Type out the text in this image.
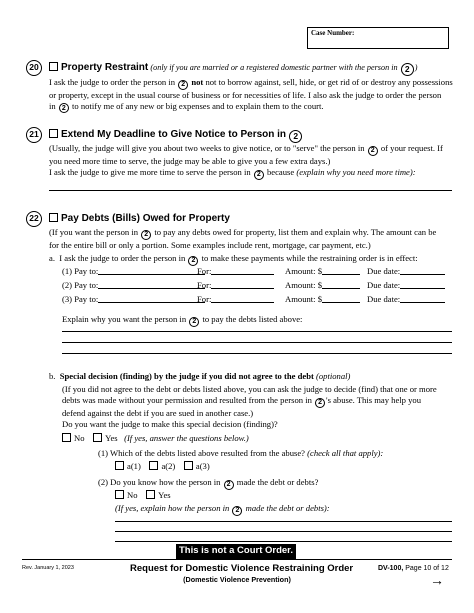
Case Number:
20	Property Restraint (only if you are married or a registered domestic partner with the person in 2 )
I ask the judge to order the person in 2 not not to borrow against, sell, hide, or get rid of or destroy any possessions
or property, except in the usual course of business or for necessities of life. I also ask the judge to order the person
in 2 to notify me of any new or big expenses and to explain them to the court.
21	Extend My Deadline to Give Notice to Person in 2
(Usually, the judge will give you about two weeks to give notice, or to "serve" the person in 2 of your request. If
you need more time to serve, the judge may be able to give you a few extra days.)
I ask the judge to give me more time to serve the person in 2 because (explain why you need more time):
22	Pay Debts (Bills) Owed for Property
(If you want the person in 2 to pay any debts owed for property, list them and explain why. The amount can be
for the entire bill or only a portion. Some examples include rent, mortgage, car payment, etc.)
a. I ask the judge to order the person in 2 to make these payments while the restraining order is in effect:
(1) Pay to:	For:	Amount: $	Due date:
(2) Pay to:	For:	Amount: $	Due date:
(3) Pay to:	For:	Amount: $	Due date:
Explain why you want the person in 2 to pay the debts listed above:
b. Special decision (finding) by the judge if you did not agree to the debt (optional)
(If you did not agree to the debt or debts listed above, you can ask the judge to decide (find) that one or more
debts was made without your permission and resulted from the person in 2 's abuse. This may help you
defend against the debt if you are sued in another case.)
Do you want the judge to make this special decision (finding)?
No Yes (If yes, answer the questions below.)
(1) Which of the debts listed above resulted from the abuse? (check all that apply):
a(1) a(2) a(3)
(2) Do you know how the person in 2 made the debt or debts?
No Yes
(If yes, explain how the person in 2 made the debt or debts):
This is not a Court Order.
Rev. January 1, 2023	Request for Domestic Violence Restraining Order
(Domestic Violence Prevention)
DV-100, Page 10 of 12
→
